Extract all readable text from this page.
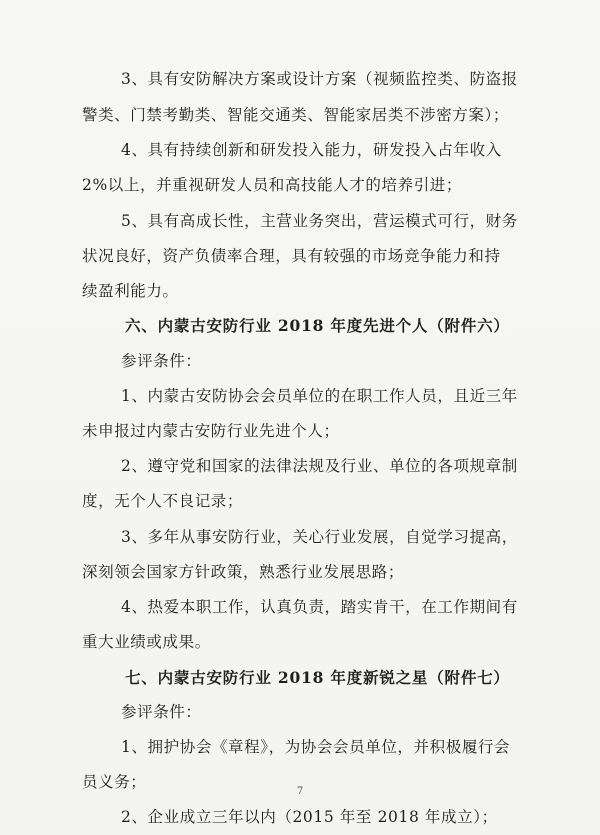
3、具有安防解决方案或设计方案（视频监控类、防盗报
警类、门禁考勤类、智能交通类、智能家居类不涉密方案）；
4、具有持续创新和研发投入能力，研发投入占年收入
2%以上，并重视研发人员和高技能人才的培养引进；
5、具有高成长性，主营业务突出，营运模式可行，财务
状况良好，资产负债率合理，具有较强的市场竞争能力和持
续盈利能力。
六、内蒙古安防行业 2018 年度先进个人（附件六）
参评条件：
1、内蒙古安防协会会员单位的在职工作人员，且近三年
未申报过内蒙古安防行业先进个人；
2、遵守党和国家的法律法规及行业、单位的各项规章制
度，无个人不良记录；
3、多年从事安防行业，关心行业发展，自觉学习提高，
深刻领会国家方针政策，熟悉行业发展思路；
4、热爱本职工作，认真负责，踏实肯干，在工作期间有
重大业绩或成果。
七、内蒙古安防行业 2018 年度新锐之星（附件七）
参评条件：
1、拥护协会《章程》，为协会会员单位，并积极履行会
员义务；
2、企业成立三年以内（2015 年至 2018 年成立）；
7
